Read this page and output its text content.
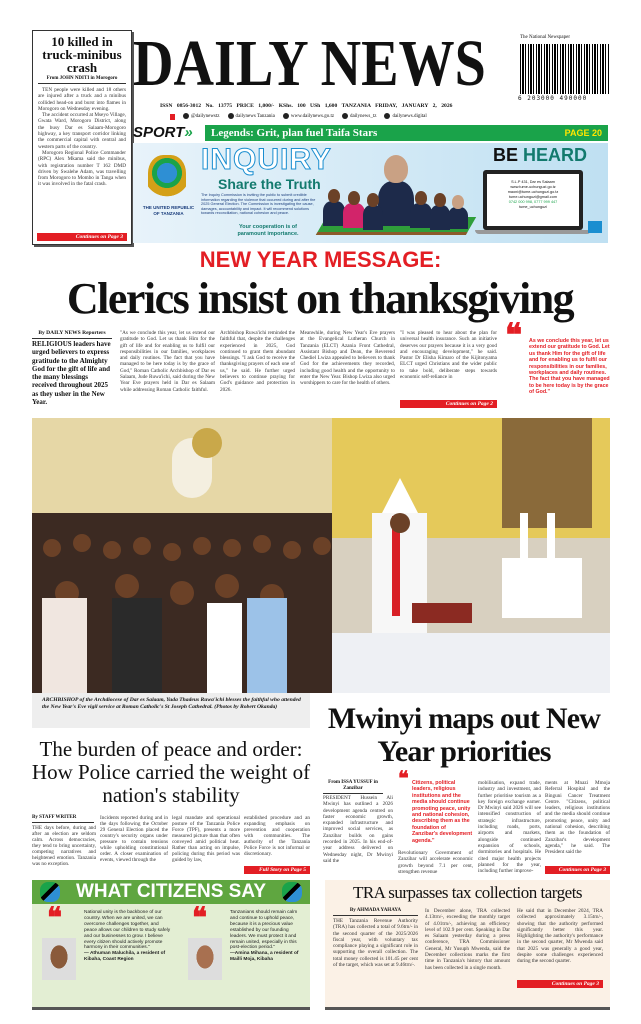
10 killed in truck-minibus crash
From JOHN NDITI in Morogoro

TEN people were killed and 18 others are injured after a truck and a minibus collided head-on and burst into flames in Morogoro on Wednesday evening.

The accident occurred at Mseyo Village, Gwata Ward, Morogoro District, along the busy Dar es Salaam-Morogoro highway, a key transport corridor linking the commercial capital with central and western parts of the country.

Morogoro Regional Police Commander (RPC) Alex Mkama said the minibus, with registration number T 162 DMD driven by Swalehe Adam, was travelling from Morogoro to Mombo in Tanga when it was involved in the fatal crash.

Continues on Page 3
The National Newspaper
DAILY NEWS	6 203000 490000
ISSN 0856-3012 No. 13775 PRICE 1,000/- KShs. 100 USh 1,600 TANZANIA FRIDAY, JANUARY 2, 2026
@dailynewstz	dailynews Tanzania	www.dailynews.go.tz	dailynews_tz	dailynews.digital
SPORT» Legends: Grit, plan fuel Taifa Stars	PAGE 20
THE UNITED REPUBLIC OF TANZANIA
INQUIRY
Share the Truth
The Inquiry Commission is inviting the public to submit credible information regarding the violence that occurred during and after the 2025 General Election. The Commission is investigating the cause, damages, accountability and impact. It will recommend solutions towards reconciliation, national cohesion and peace.
Your cooperation is of paramount importance.
BE HEARD
S.L.P 431, Dar es Salaam
www.tume-uchunguzi.go.tz
maoni@tume-uchunguzi.go.tz
tume.uchunguzi@gmail.com
0742 000 998, 0777 999 447
tume_uchunguzi
NEW YEAR MESSAGE:
Clerics insist on thanksgiving
By DAILY NEWS Reporters
RELIGIOUS leaders have urged believers to express gratitude to the Almighty God for the gift of life and the many blessings received throughout 2025 as they usher in the New Year.
"As we conclude this year, let us extend our gratitude to God. Let us thank Him for the gift of life and for enabling us to fulfil our responsibilities in our families, workplaces and daily routines. The fact that you have managed to be here today is by the grace of God," Roman Catholic Archbishop of Dar es Salaam, Jude Ruwa'ichi, said during the New Year Eve prayers held in Dar es Salaam while addressing Roman Catholic faithful.
Archbishop Ruwa'ichi reminded the faithful that, despite the challenges experienced in 2025, God continued to grant them abundant blessings. "I ask God to receive the thanksgiving prayers of each one of us," he said. He further urged believers to continue praying for God's guidance and protection in 2026.
Meanwhile, during New Year's Eve prayers at the Evangelical Lutheran Church in Tanzania (ELCT) Azania Front Cathedral, Assistant Bishop and Dean, the Reverend Chediel Lwiza appealed to believers to thank God for the achievements they recorded, including good health and the opportunity to enter the New Year. Bishop Lwiza also urged worshippers to care for the health of others.
"I was pleased to hear about the plan for universal health insurance. Such an initiative deserves our prayers because it is a very good and encouraging development," he said. Pastor Dr Elisha Kimaro of the Kijitonyama ELCT urged Christians and the wider public to take bold, deliberate steps towards economic self-reliance in
Continues on Page 2
❝ As we conclude this year, let us extend our gratitude to God. Let us thank Him for the gift of life and for enabling us to fulfil our responsibilities in our families, workplaces and daily routines. The fact that you have managed to be here today is by the grace of God."
ARCHBISHOP of the Archdiocese of Dar es Salaam, Yuda Thadeus Ruwa'ichi blesses the faithful who attended the New Year's Eve vigil service at Roman Catholic's St Joseph Cathedral. (Photos by Robert Okanda)
The burden of peace and order: How Police carried the weight of nation's stability
By STAFF WRITER
THE days before, during and after an election are seldom calm. Across democracies, they tend to bring uncertainty, competing narratives and heightened emotion. Tanzania was no exception.
Incidents reported during and in the days following the October 29 General Election placed the country's security organs under pressure to contain tensions while upholding constitutional order. A closer examination of events, viewed through the
legal mandate and operational posture of the Tanzania Police Force (TPF), presents a more measured picture than that often conveyed amid political heat. Rather than acting on impulse, policing during this period was guided by law,
established procedure and an expanding emphasis on prevention and cooperation with communities. The authority of the Tanzania Police Force is not informal or discretionary.
Full Story on Page 5
Mwinyi maps out New Year priorities
From ISSA YUSSUF in Zanzibar
PRESIDENT Hussein Ali Mwinyi has outlined a 2026 development agenda centred on faster economic growth, expanded infrastructure and improved social services, as Zanzibar builds on gains recorded in 2025. In his end-of-year address delivered on Wednesday night, Dr Mwinyi said the
❝ Citizens, political leaders, religious institutions and the media should continue promoting peace, unity and national cohesion, describing them as the foundation of Zanzibar's development agenda."
Revolutionary Government of Zanzibar will accelerate economic growth beyond 7.1 per cent, strengthen revenue
mobilisation, expand trade, industry and investment, and further prioritise tourism as a key foreign exchange earner. Dr Mwinyi said 2026 will see intensified construction of strategic infrastructure, including roads, ports, airports and markets, alongside continued expansion of schools, dormitories and hospitals. He cited major health projects planned for the year, including further improve-
ments at Mnazi Mmoja Referral Hospital and the Binguni Cancer Treatment Centre. "Citizens, political leaders, religious institutions and the media should continue promoting peace, unity and national cohesion, describing them as the foundation of Zanzibar's development agenda," he said. The President said the
Continues on Page 3
WHAT CITIZENS SAY
❝	National unity is the backbone of our country. When we are united, we can overcome challenges together, and peace allows our children to study safely and our businesses to grow. I believe every citizen should actively promote harmony in their communities."
— Athuman Maluchila, a resident of Kibaha, Coast Region
❝	Tanzanians should remain calm and continue to uphold peace, because it is a precious value established by our founding leaders. We must protect it and remain united, especially in this post-election period."
—Amina Mihana, a resident of Mailli Moja, Kibaha
TRA surpasses tax collection targets
By AHMADA YAHAYA
THE Tanzania Revenue Authority (TRA) has collected a total of 9.6trn/- in the second quarter of the 2025/2026 fiscal year, with voluntary tax compliance playing a significant role in supporting the overall collection. The total money collected is 101.45 per cent of the target, which was set at 9.46trn/-.
In December alone, TRA collected 4.13trn/-, exceeding the monthly target of 4.01trn/-, achieving an efficiency level of 102.9 per cent. Speaking in Dar es Salaam yesterday during a press conference, TRA Commissioner General, Mr Yusuph Mwenda, said the December collections marks the first time in Tanzania's history that amount has been collected in a single month.
He said that in December 2024, TRA collected approximately 3.15trn/-, showing that the authority performed significantly better this year. Highlighting the authority's performance in the second quarter, Mr Mwenda said that 2025 was generally a good year, despite some challenges experienced during the second quarter.
Continues on Page 3
